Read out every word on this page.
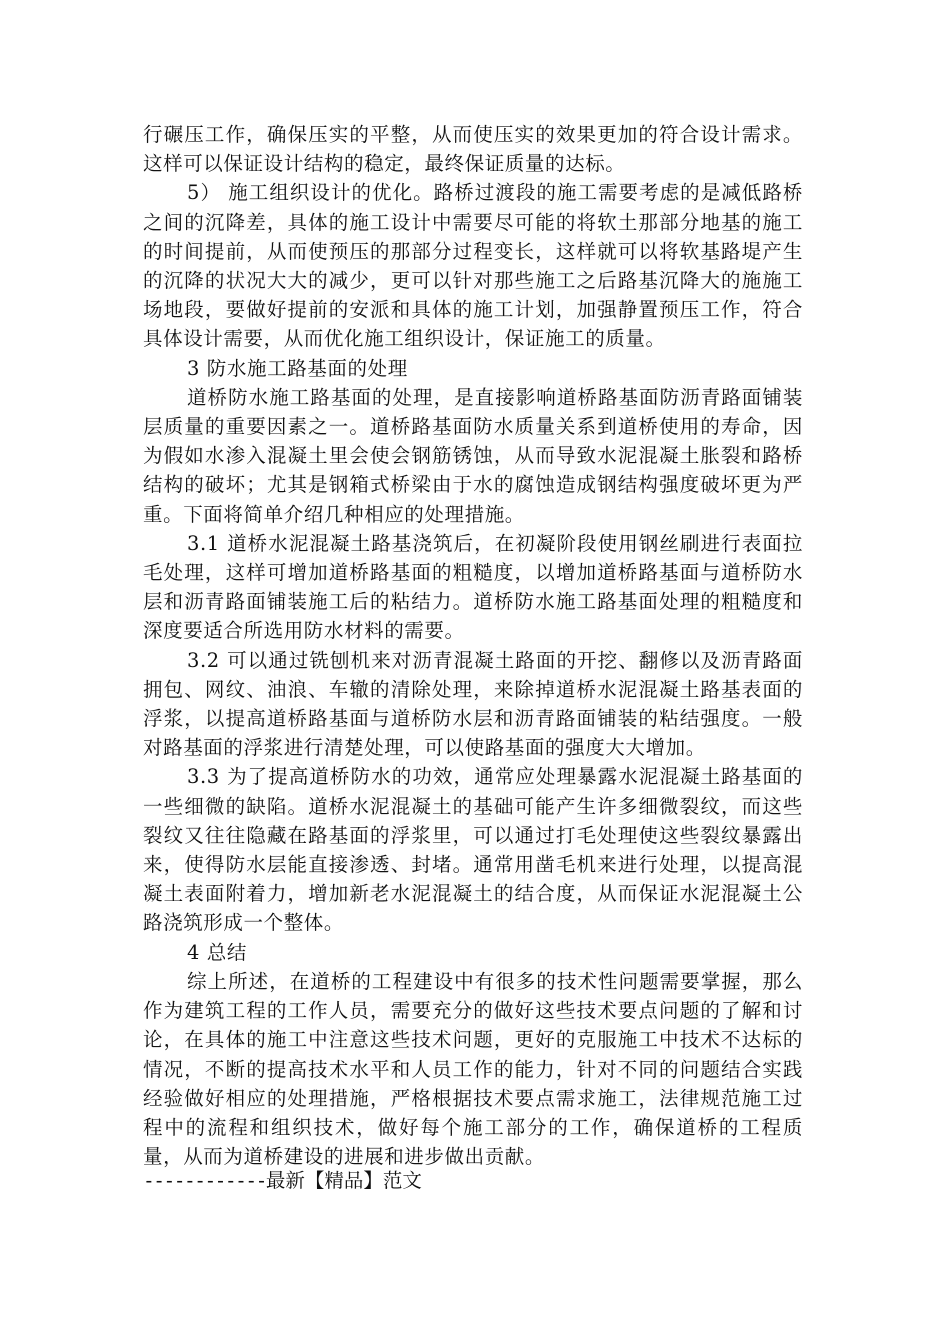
行碾压工作，确保压实的平整，从而使压实的效果更加的符合设计需求。这样可以保证设计结构的稳定，最终保证质量的达标。

5） 施工组织设计的优化。路桥过渡段的施工需要考虑的是减低路桥之间的沉降差，具体的施工设计中需要尽可能的将软土那部分地基的施工的时间提前，从而使预压的那部分过程变长，这样就可以将软基路堤产生的沉降的状况大大的减少，更可以针对那些施工之后路基沉降大的施施工场地段，要做好提前的安派和具体的施工计划，加强静置预压工作，符合具体设计需要，从而优化施工组织设计，保证施工的质量。

3 防水施工路基面的处理

道桥防水施工路基面的处理，是直接影响道桥路基面防沥青路面铺装层质量的重要因素之一。道桥路基面防水质量关系到道桥使用的寿命，因为假如水渗入混凝土里会使会钢筋锈蚀，从而导致水泥混凝土胀裂和路桥结构的破坏；尤其是钢箱式桥梁由于水的腐蚀造成钢结构强度破坏更为严重。下面将简单介绍几种相应的处理措施。

3.1 道桥水泥混凝土路基浇筑后，在初凝阶段使用钢丝刷进行表面拉毛处理，这样可增加道桥路基面的粗糙度，以增加道桥路基面与道桥防水层和沥青路面铺装施工后的粘结力。道桥防水施工路基面处理的粗糙度和深度要适合所选用防水材料的需要。

3.2 可以通过铣刨机来对沥青混凝土路面的开挖、翻修以及沥青路面拥包、网纹、油浪、车辙的清除处理，来除掉道桥水泥混凝土路基表面的浮浆，以提高道桥路基面与道桥防水层和沥青路面铺装的粘结强度。一般对路基面的浮浆进行清楚处理，可以使路基面的强度大大增加。

3.3 为了提高道桥防水的功效，通常应处理暴露水泥混凝土路基面的一些细微的缺陷。道桥水泥混凝土的基础可能产生许多细微裂纹，而这些裂纹又往往隐藏在路基面的浮浆里，可以通过打毛处理使这些裂纹暴露出来，使得防水层能直接渗透、封堵。通常用凿毛机来进行处理，以提高混凝土表面附着力，增加新老水泥混凝土的结合度，从而保证水泥混凝土公路浇筑形成一个整体。

4 总结

综上所述，在道桥的工程建设中有很多的技术性问题需要掌握，那么作为建筑工程的工作人员，需要充分的做好这些技术要点问题的了解和讨论，在具体的施工中注意这些技术问题，更好的克服施工中技术不达标的情况，不断的提高技术水平和人员工作的能力，针对不同的问题结合实践经验做好相应的处理措施，严格根据技术要点需求施工，法律规范施工过程中的流程和组织技术，做好每个施工部分的工作，确保道桥的工程质量，从而为道桥建设的进展和进步做出贡献。

------------最新【精品】范文
